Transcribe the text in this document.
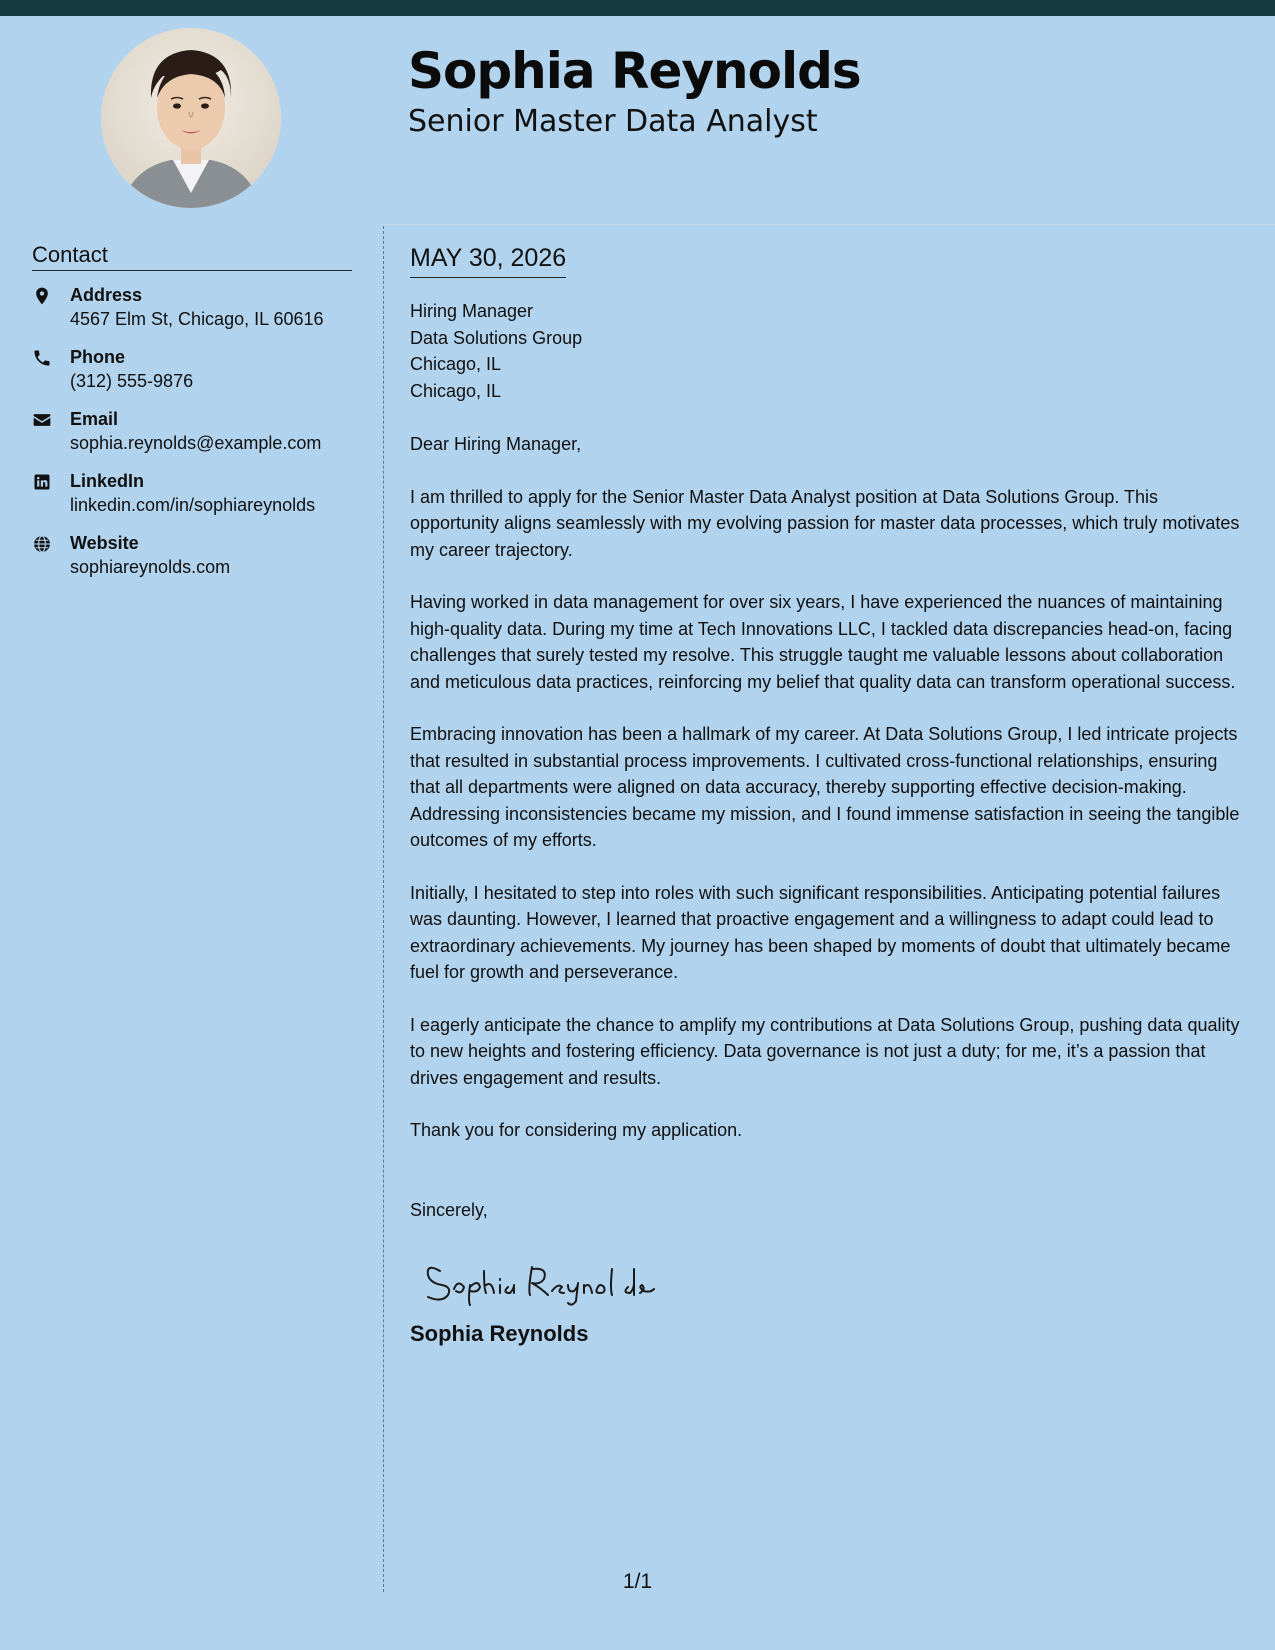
Sophia Reynolds
Senior Master Data Analyst
Contact
Address
4567 Elm St, Chicago, IL 60616
Phone
(312) 555-9876
Email
sophia.reynolds@example.com
LinkedIn
linkedin.com/in/sophiareynolds
Website
sophiareynolds.com
MAY 30, 2026
Hiring Manager
Data Solutions Group
Chicago, IL
Chicago, IL
Dear Hiring Manager,
I am thrilled to apply for the Senior Master Data Analyst position at Data Solutions Group. This opportunity aligns seamlessly with my evolving passion for master data processes, which truly motivates my career trajectory.
Having worked in data management for over six years, I have experienced the nuances of maintaining high-quality data. During my time at Tech Innovations LLC, I tackled data discrepancies head-on, facing challenges that surely tested my resolve. This struggle taught me valuable lessons about collaboration and meticulous data practices, reinforcing my belief that quality data can transform operational success.
Embracing innovation has been a hallmark of my career. At Data Solutions Group, I led intricate projects that resulted in substantial process improvements. I cultivated cross-functional relationships, ensuring that all departments were aligned on data accuracy, thereby supporting effective decision-making. Addressing inconsistencies became my mission, and I found immense satisfaction in seeing the tangible outcomes of my efforts.
Initially, I hesitated to step into roles with such significant responsibilities. Anticipating potential failures was daunting. However, I learned that proactive engagement and a willingness to adapt could lead to extraordinary achievements. My journey has been shaped by moments of doubt that ultimately became fuel for growth and perseverance.
I eagerly anticipate the chance to amplify my contributions at Data Solutions Group, pushing data quality to new heights and fostering efficiency. Data governance is not just a duty; for me, it’s a passion that drives engagement and results.
Thank you for considering my application.
Sincerely,
Sophia Reynolds
1/1
